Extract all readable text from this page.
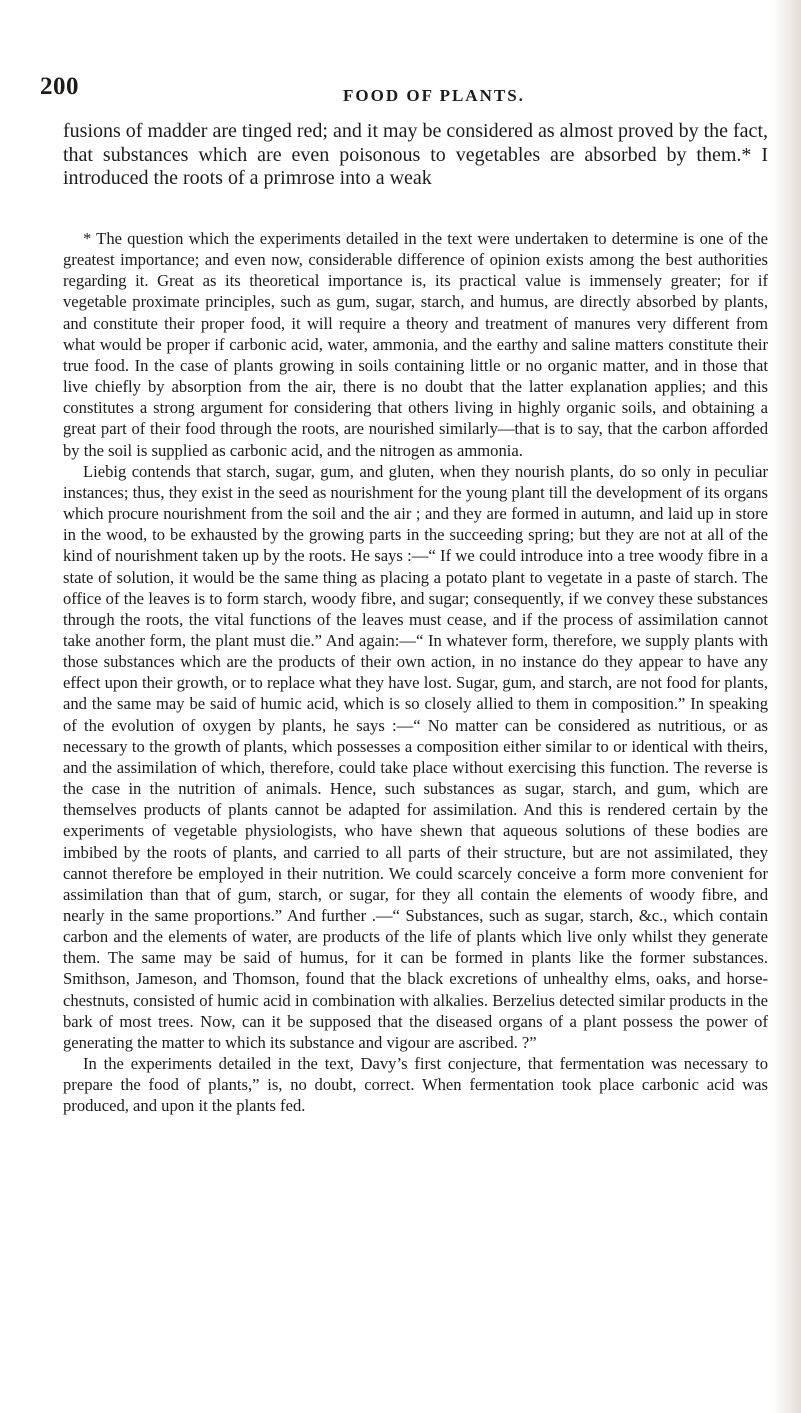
200	FOOD OF PLANTS.

fusions of madder are tinged red; and it may be considered as almost proved by the fact, that substances which are even poisonous to vegetables are absorbed by them.* I introduced the roots of a primrose into a weak

* The question which the experiments detailed in the text were undertaken to determine is one of the greatest importance; and even now, considerable difference of opinion exists among the best authorities regarding it. Great as its theoretical importance is, its practical value is immensely greater; for if vegetable proximate principles, such as gum, sugar, starch, and humus, are directly absorbed by plants, and constitute their proper food, it will require a theory and treatment of manures very different from what would be proper if carbonic acid, water, ammonia, and the earthy and saline matters constitute their true food. In the case of plants growing in soils containing little or no organic matter, and in those that live chiefly by absorption from the air, there is no doubt that the latter explanation applies; and this constitutes a strong argument for considering that others living in highly organic soils, and obtaining a great part of their food through the roots, are nourished similarly—that is to say, that the carbon afforded by the soil is supplied as carbonic acid, and the nitrogen as ammonia.

Liebig contends that starch, sugar, gum, and gluten, when they nourish plants, do so only in peculiar instances; thus, they exist in the seed as nourishment for the young plant till the development of its organs which procure nourishment from the soil and the air ; and they are formed in autumn, and laid up in store in the wood, to be exhausted by the growing parts in the succeeding spring; but they are not at all of the kind of nourishment taken up by the roots. He says :—“ If we could introduce into a tree woody fibre in a state of solution, it would be the same thing as placing a potato plant to vegetate in a paste of starch. The office of the leaves is to form starch, woody fibre, and sugar; consequently, if we convey these substances through the roots, the vital functions of the leaves must cease, and if the process of assimilation cannot take another form, the plant must die.” And again:—“ In whatever form, therefore, we supply plants with those substances which are the products of their own action, in no instance do they appear to have any effect upon their growth, or to replace what they have lost. Sugar, gum, and starch, are not food for plants, and the same may be said of humic acid, which is so closely allied to them in composition.” In speaking of the evolution of oxygen by plants, he says :—“ No matter can be considered as nutritious, or as necessary to the growth of plants, which possesses a composition either similar to or identical with theirs, and the assimilation of which, therefore, could take place without exercising this function. The reverse is the case in the nutrition of animals. Hence, such substances as sugar, starch, and gum, which are themselves products of plants cannot be adapted for assimilation. And this is rendered certain by the experiments of vegetable physiologists, who have shewn that aqueous solutions of these bodies are imbibed by the roots of plants, and carried to all parts of their structure, but are not assimilated, they cannot therefore be employed in their nutrition. We could scarcely conceive a form more convenient for assimilation than that of gum, starch, or sugar, for they all contain the elements of woody fibre, and nearly in the same proportions.” And further .—“ Substances, such as sugar, starch, &c., which contain carbon and the elements of water, are products of the life of plants which live only whilst they generate them. The same may be said of humus, for it can be formed in plants like the former substances. Smithson, Jameson, and Thomson, found that the black excretions of unhealthy elms, oaks, and horse-chestnuts, consisted of humic acid in combination with alkalies. Berzelius detected similar products in the bark of most trees. Now, can it be supposed that the diseased organs of a plant possess the power of generating the matter to which its substance and vigour are ascribed. ?”

In the experiments detailed in the text, Davy’s first conjecture, that fermentation was necessary to prepare the food of plants,” is, no doubt, correct. When fermentation took place carbonic acid was produced, and upon it the plants fed.
